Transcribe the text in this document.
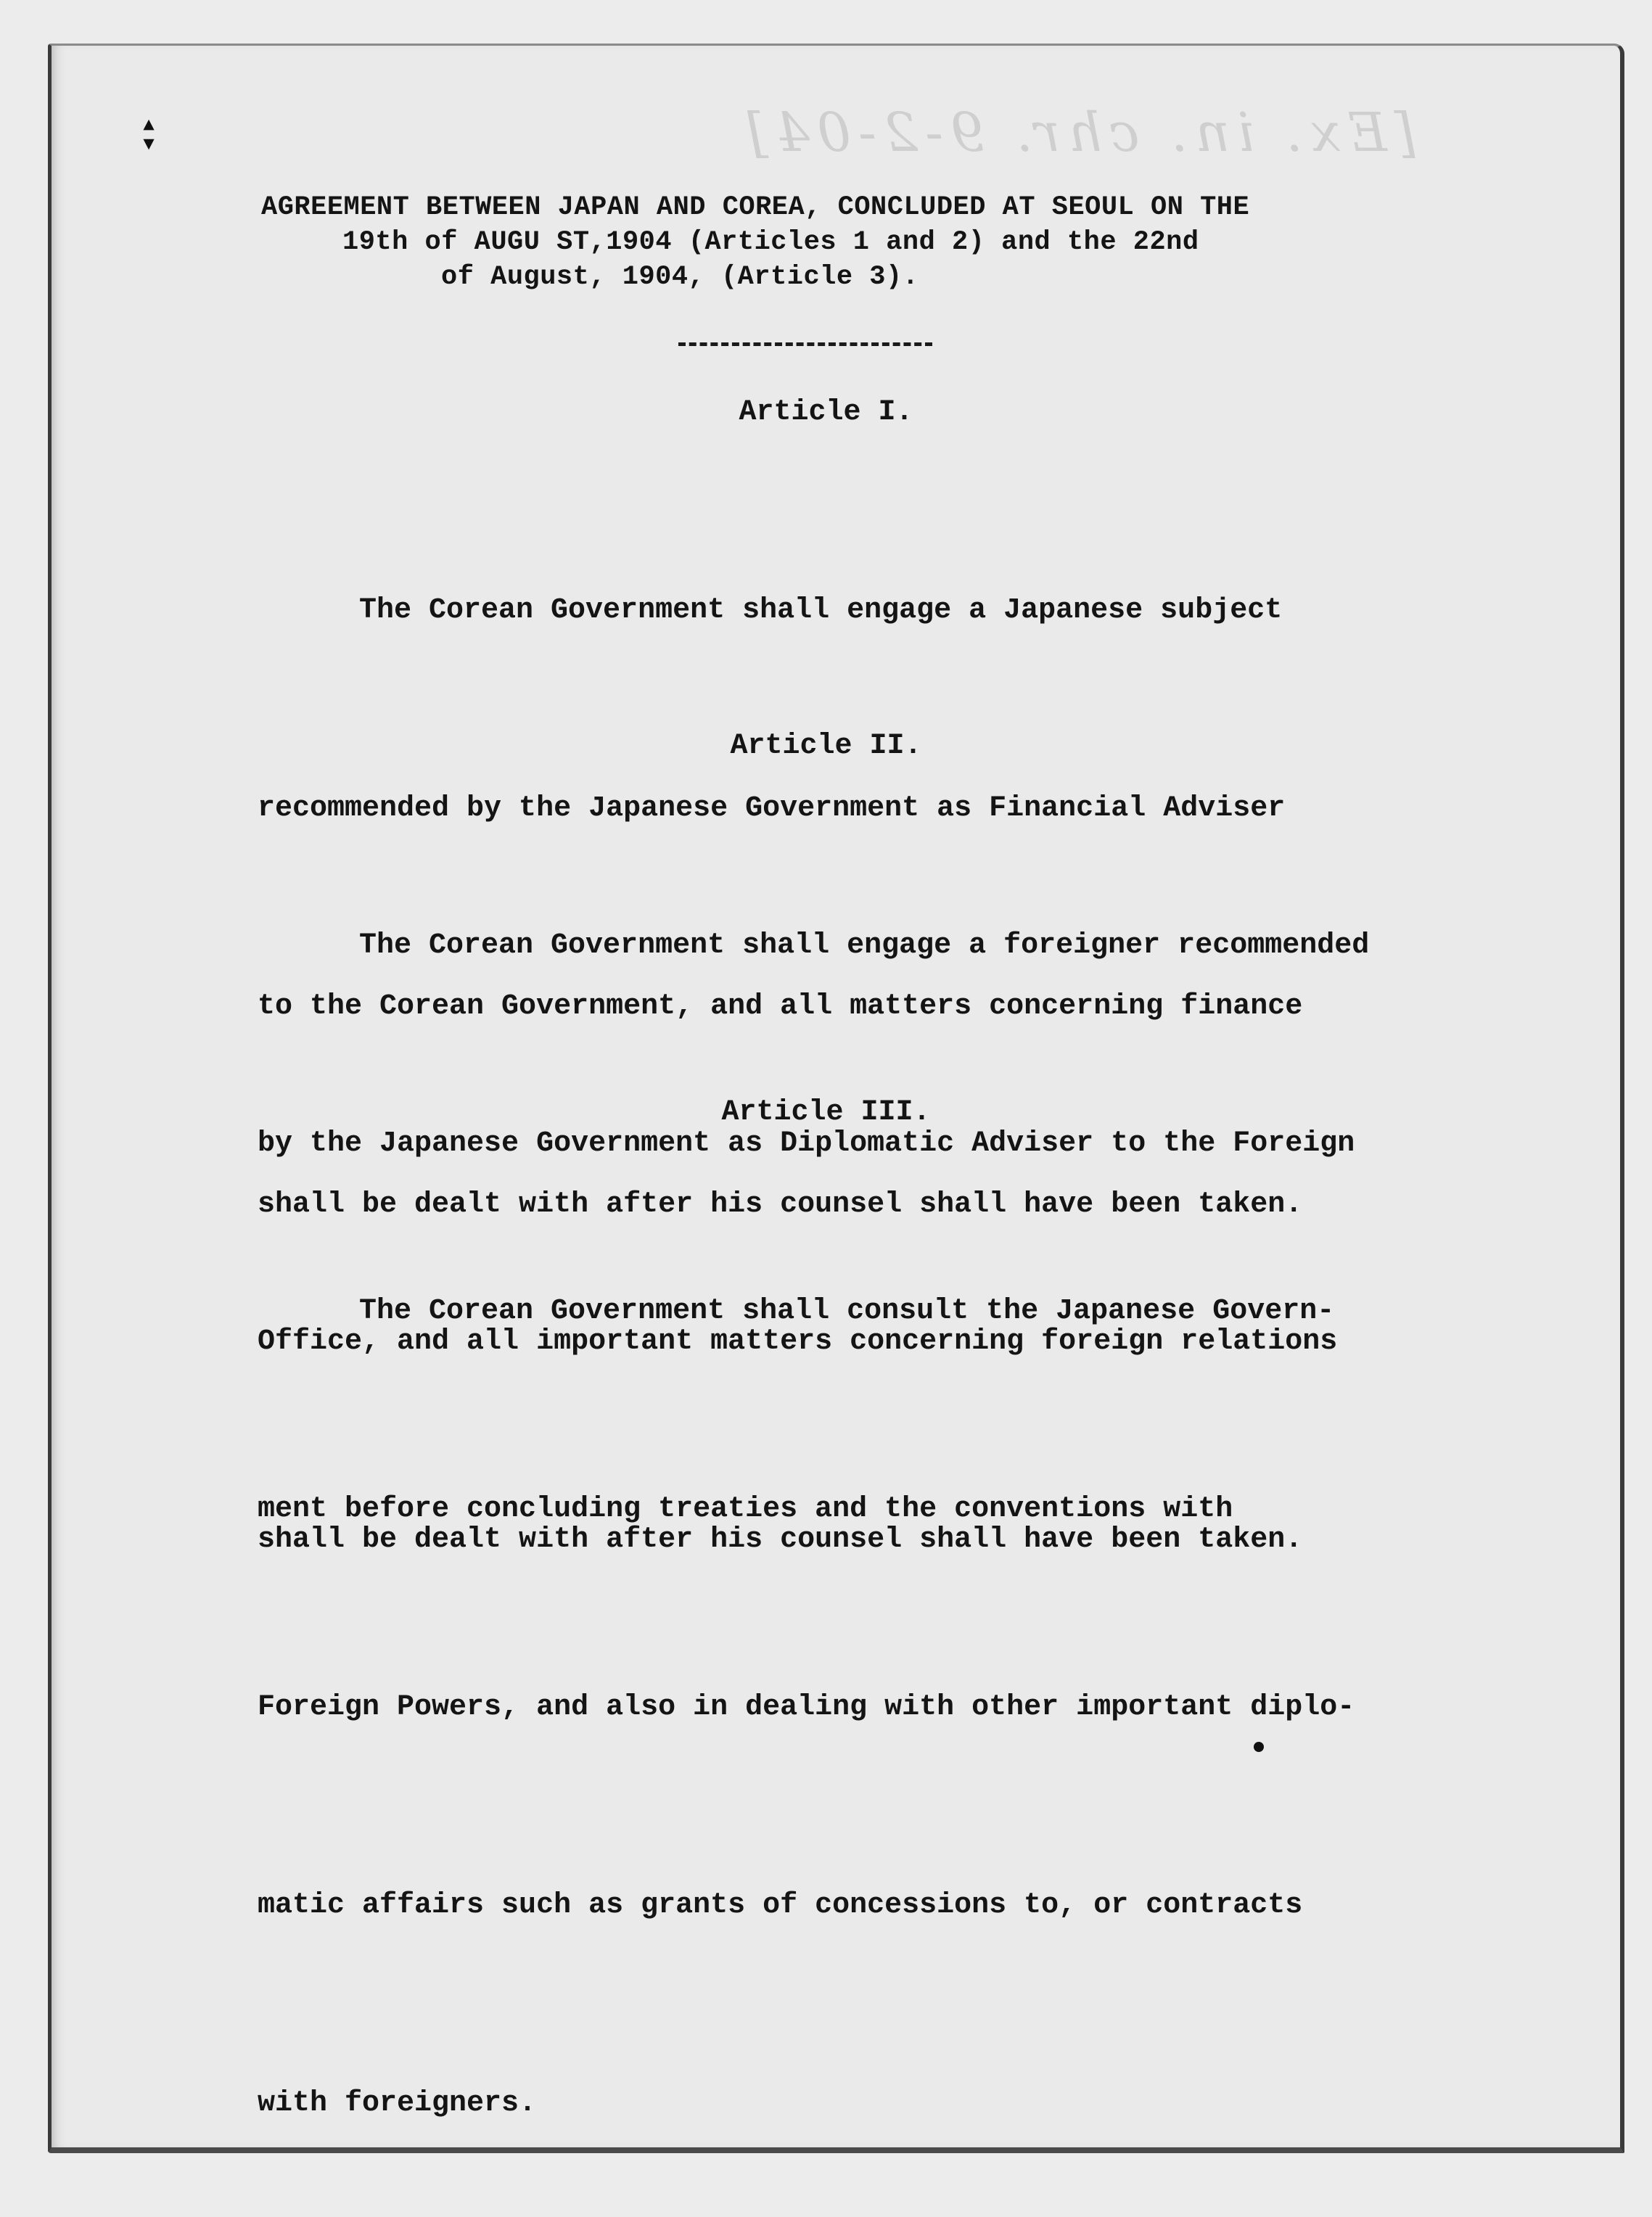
[Ex. in. chr. 9-2-04]
▲
▼
AGREEMENT BETWEEN JAPAN AND COREA, CONCLUDED AT SEOUL ON THE
19th of AUGU ST,1904 (Articles 1 and 2) and the 22nd
of August, 1904, (Article 3).
Article I.

The Corean Government shall engage a Japanese subject

recommended by the Japanese Government as Financial Adviser

to the Corean Government, and all matters concerning finance

shall be dealt with after his counsel shall have been taken.

Article II.

The Corean Government shall engage a foreigner recommended

by the Japanese Government as Diplomatic Adviser to the Foreign

Office, and all important matters concerning foreign relations

shall be dealt with after his counsel shall have been taken.

Article III.

The Corean Government shall consult the Japanese Govern-

ment before concluding treaties and the conventions with

Foreign Powers, and also in dealing with other important diplo-

matic affairs such as grants of concessions to, or contracts

with foreigners.
